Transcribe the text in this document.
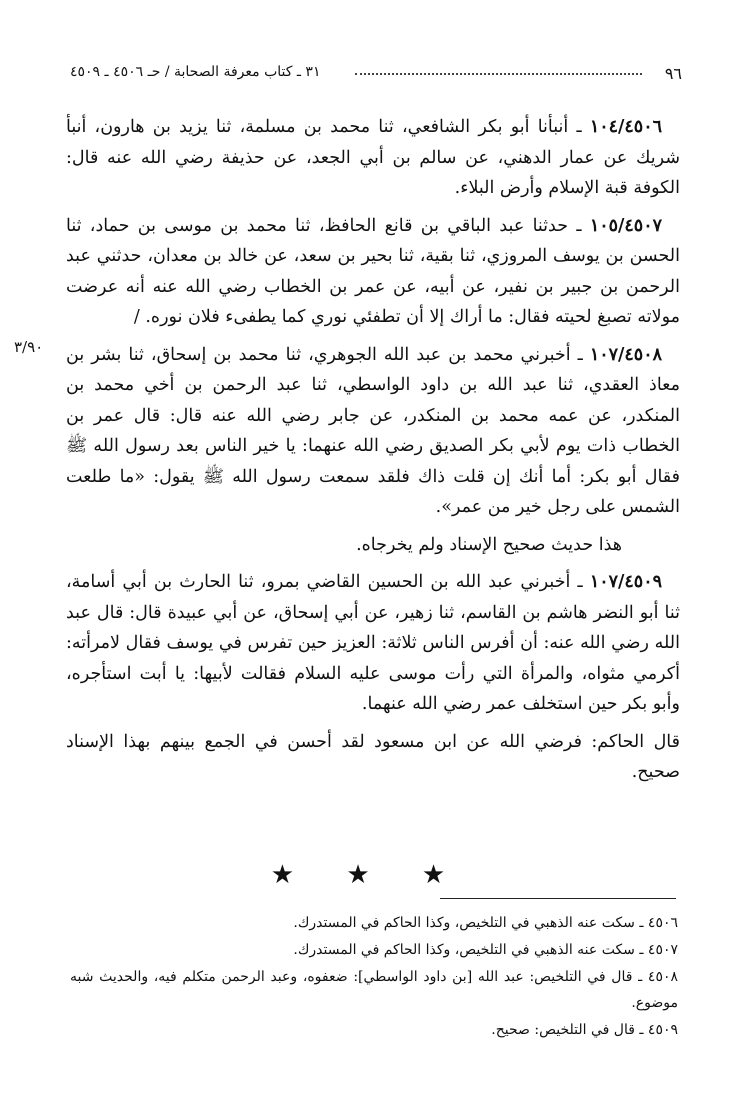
٩٦
٣١ ـ كتاب معرفة الصحابة / حـ ٤٥٠٦ ـ ٤٥٠٩
٣/٩٠

١٠٤/٤٥٠٦ ـ أنبأنا أبو بكر الشافعي، ثنا محمد بن مسلمة، ثنا يزيد بن هارون، أنبأ شريك عن عمار الدهني، عن سالم بن أبي الجعد، عن حذيفة رضي الله عنه قال: الكوفة قبة الإسلام وأرض البلاء.

١٠٥/٤٥٠٧ ـ حدثنا عبد الباقي بن قانع الحافظ، ثنا محمد بن موسى بن حماد، ثنا الحسن بن يوسف المروزي، ثنا بقية، ثنا بحير بن سعد، عن خالد بن معدان، حدثني عبد الرحمن بن جبير بن نفير، عن أبيه، عن عمر بن الخطاب رضي الله عنه أنه عرضت مولاته تصبغ لحيته فقال: ما أراك إلا أن تطفئي نوري كما يطفىء فلان نوره. /

١٠٧/٤٥٠٨ ـ أخبرني محمد بن عبد الله الجوهري، ثنا محمد بن إسحاق، ثنا بشر بن معاذ العقدي، ثنا عبد الله بن داود الواسطي، ثنا عبد الرحمن بن أخي محمد بن المنكدر، عن عمه محمد بن المنكدر، عن جابر رضي الله عنه قال: قال عمر بن الخطاب ذات يوم لأبي بكر الصديق رضي الله عنهما: يا خير الناس بعد رسول الله ﷺ فقال أبو بكر: أما أنك إن قلت ذاك فلقد سمعت رسول الله ﷺ يقول: «ما طلعت الشمس على رجل خير من عمر».

هذا حديث صحيح الإسناد ولم يخرجاه.

١٠٧/٤٥٠٩ ـ أخبرني عبد الله بن الحسين القاضي بمرو، ثنا الحارث بن أبي أسامة، ثنا أبو النضر هاشم بن القاسم، ثنا زهير، عن أبي إسحاق، عن أبي عبيدة قال: قال عبد الله رضي الله عنه: أن أفرس الناس ثلاثة: العزيز حين تفرس في يوسف فقال لامرأته: أكرمي مثواه، والمرأة التي رأت موسى عليه السلام فقالت لأبيها: يا أبت استأجره، وأبو بكر حين استخلف عمر رضي الله عنهما.

قال الحاكم: فرضي الله عن ابن مسعود لقد أحسن في الجمع بينهم بهذا الإسناد صحيح.

★ ★ ★

٤٥٠٦ ـ سكت عنه الذهبي في التلخيص، وكذا الحاكم في المستدرك.

٤٥٠٧ ـ سكت عنه الذهبي في التلخيص، وكذا الحاكم في المستدرك.

٤٥٠٨ ـ قال في التلخيص: عبد الله [بن داود الواسطي]: ضعفوه، وعبد الرحمن متكلم فيه، والحديث شبه موضوع.

٤٥٠٩ ـ قال في التلخيص: صحيح.
